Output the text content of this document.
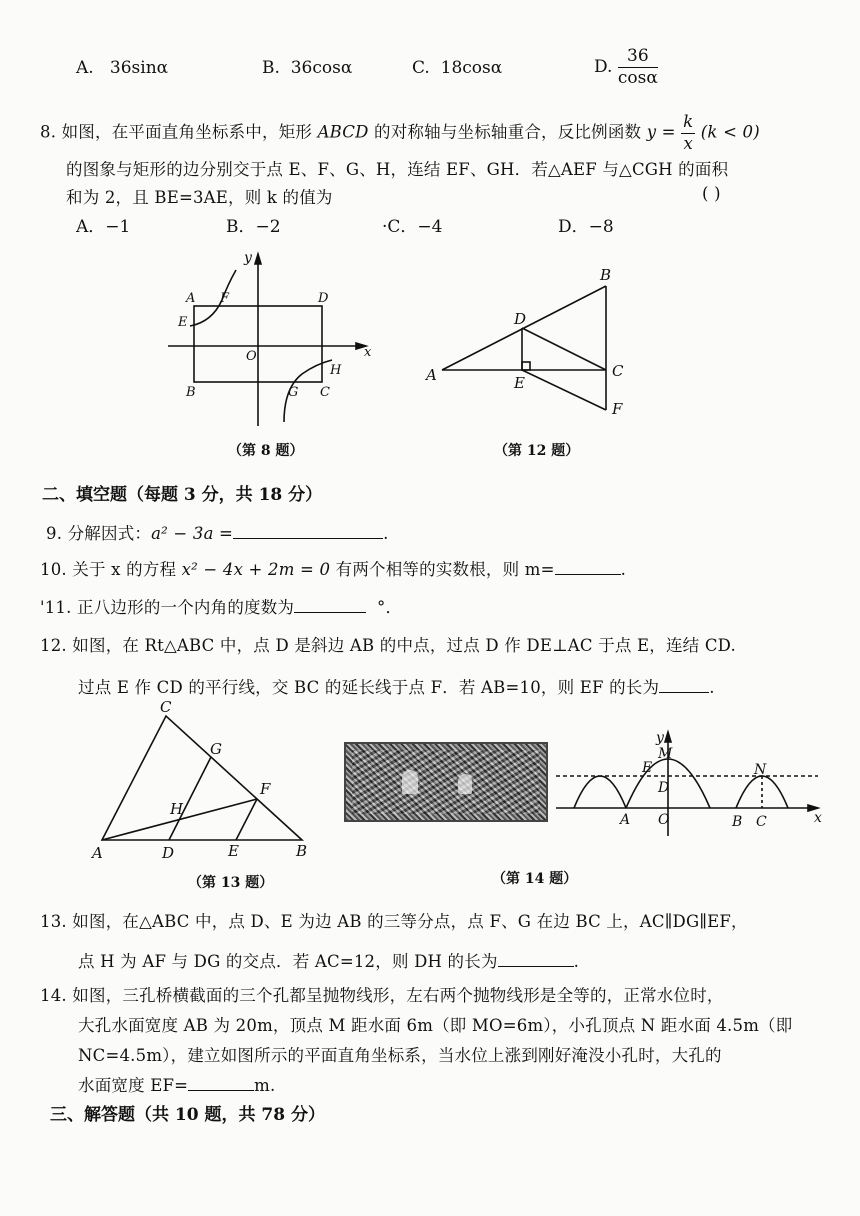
A. 36sinα	B. 36cosα	C. 18cosα	D. $\frac{36}{\cos\alpha}$
8. 如图，在平面直角坐标系中，矩形 ABCD 的对称轴与坐标轴重合，反比例函数 $y = \frac{k}{x} (k < 0)$
的图象与矩形的边分别交于点 E、F、G、H，连结 EF、GH．若△AEF 与△CGH 的面积
和为 2，且 BE=3AE，则 k 的值为	( )
A．−1	B．−2	·C．−4	D．−8
y
A F	D
E
O	x
H
B	G C
（第 8 题）
B
D
A	E
C
F
（第 12 题）
二、填空题（每题 3 分，共 18 分）
9. 分解因式：a² − 3a =	.
10. 关于 x 的方程 x² − 4x + 2m = 0 有两个相等的实数根，则 m=	.
'11. 正八边形的一个内角的度数为	°．
12. 如图，在 Rt△ABC 中，点 D 是斜边 AB 的中点，过点 D 作 DE⊥AC 于点 E，连结 CD.
过点 E 作 CD 的平行线，交 BC 的延长线于点 F．若 AB=10，则 EF 的长为	.
C
G
F
H
A	D	E	B
（第 13 题）
y
M
E	N
D
A O	B C	x
（第 14 题）
13. 如图，在△ABC 中，点 D、E 为边 AB 的三等分点，点 F、G 在边 BC 上，AC∥DG∥EF，
点 H 为 AF 与 DG 的交点．若 AC=12，则 DH 的长为	.
14. 如图，三孔桥横截面的三个孔都呈抛物线形，左右两个抛物线形是全等的，正常水位时，
大孔水面宽度 AB 为 20m，顶点 M 距水面 6m（即 MO=6m），小孔顶点 N 距水面 4.5m（即
NC=4.5m），建立如图所示的平面直角坐标系，当水位上涨到刚好淹没小孔时，大孔的
水面宽度 EF=	m.
三、解答题（共 10 题，共 78 分）
